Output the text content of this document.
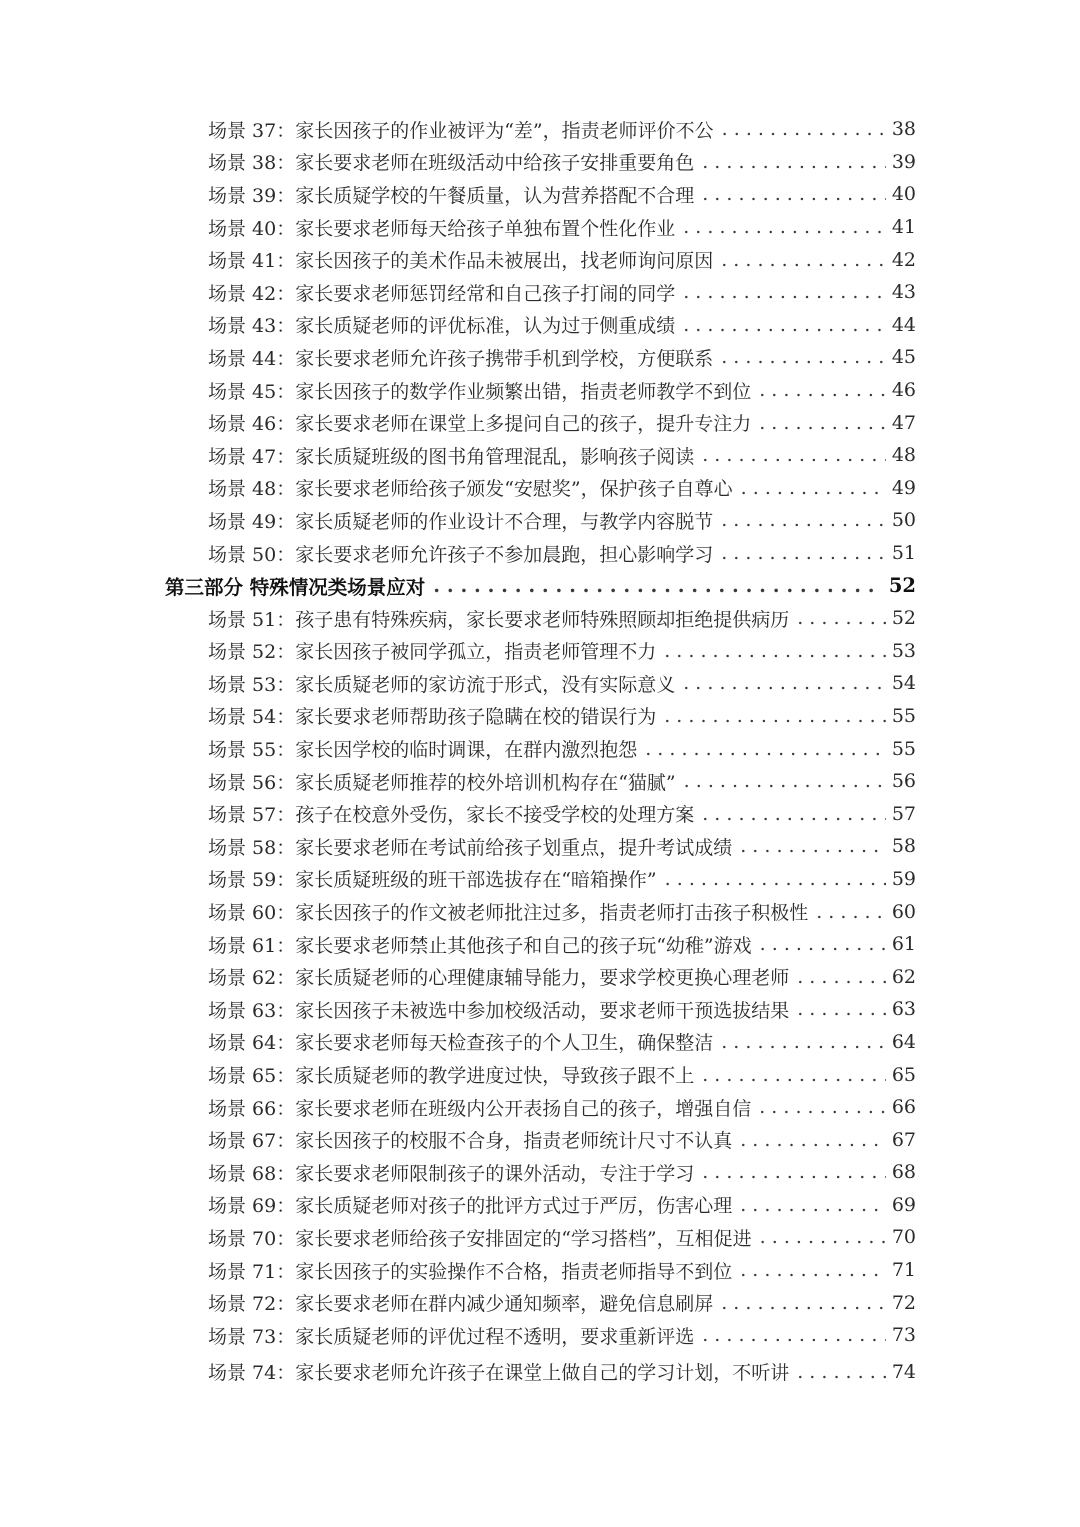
场景 37：家长因孩子的作业被评为“差”，指责老师评价不公 . . .	38
场景 38：家长要求老师在班级活动中给孩子安排重要角色 . . .	39
场景 39：家长质疑学校的午餐质量，认为营养搭配不合理 . . .	40
场景 40：家长要求老师每天给孩子单独布置个性化作业 . . .	41
场景 41：家长因孩子的美术作品未被展出，找老师询问原因 . . .	42
场景 42：家长要求老师惩罚经常和自己孩子打闹的同学 . . .	43
场景 43：家长质疑老师的评优标准，认为过于侧重成绩 . . .	44
场景 44：家长要求老师允许孩子携带手机到学校，方便联系 . . .	45
场景 45：家长因孩子的数学作业频繁出错，指责老师教学不到位 . . .	46
场景 46：家长要求老师在课堂上多提问自己的孩子，提升专注力 . . .	47
场景 47：家长质疑班级的图书角管理混乱，影响孩子阅读 . . .	48
场景 48：家长要求老师给孩子颁发“安慰奖”，保护孩子自尊心 . . .	49
场景 49：家长质疑老师的作业设计不合理，与教学内容脱节 . . .	50
场景 50：家长要求老师允许孩子不参加晨跑，担心影响学习 . . .	51
第三部分 特殊情况类场景应对 . . .	52
场景 51：孩子患有特殊疾病，家长要求老师特殊照顾却拒绝提供病历 . . .	52
场景 52：家长因孩子被同学孤立，指责老师管理不力 . . .	53
场景 53：家长质疑老师的家访流于形式，没有实际意义 . . .	54
场景 54：家长要求老师帮助孩子隐瞒在校的错误行为 . . .	55
场景 55：家长因学校的临时调课，在群内激烈抱怨 . . .	55
场景 56：家长质疑老师推荐的校外培训机构存在“猫腻” . . .	56
场景 57：孩子在校意外受伤，家长不接受学校的处理方案 . . .	57
场景 58：家长要求老师在考试前给孩子划重点，提升考试成绩 . . .	58
场景 59：家长质疑班级的班干部选拔存在“暗箱操作” . . .	59
场景 60：家长因孩子的作文被老师批注过多，指责老师打击孩子积极性 . . .	60
场景 61：家长要求老师禁止其他孩子和自己的孩子玩“幼稚”游戏 . . .	61
场景 62：家长质疑老师的心理健康辅导能力，要求学校更换心理老师 . . .	62
场景 63：家长因孩子未被选中参加校级活动，要求老师干预选拔结果 . . .	63
场景 64：家长要求老师每天检查孩子的个人卫生，确保整洁 . . .	64
场景 65：家长质疑老师的教学进度过快，导致孩子跟不上 . . .	65
场景 66：家长要求老师在班级内公开表扬自己的孩子，增强自信 . . .	66
场景 67：家长因孩子的校服不合身，指责老师统计尺寸不认真 . . .	67
场景 68：家长要求老师限制孩子的课外活动，专注于学习 . . .	68
场景 69：家长质疑老师对孩子的批评方式过于严厉，伤害心理 . . .	69
场景 70：家长要求老师给孩子安排固定的“学习搭档”，互相促进 . . .	70
场景 71：家长因孩子的实验操作不合格，指责老师指导不到位 . . .	71
场景 72：家长要求老师在群内减少通知频率，避免信息刷屏 . . .	72
场景 73：家长质疑老师的评优过程不透明，要求重新评选 . . .	73
场景 74：家长要求老师允许孩子在课堂上做自己的学习计划，不听讲 . . .	74
